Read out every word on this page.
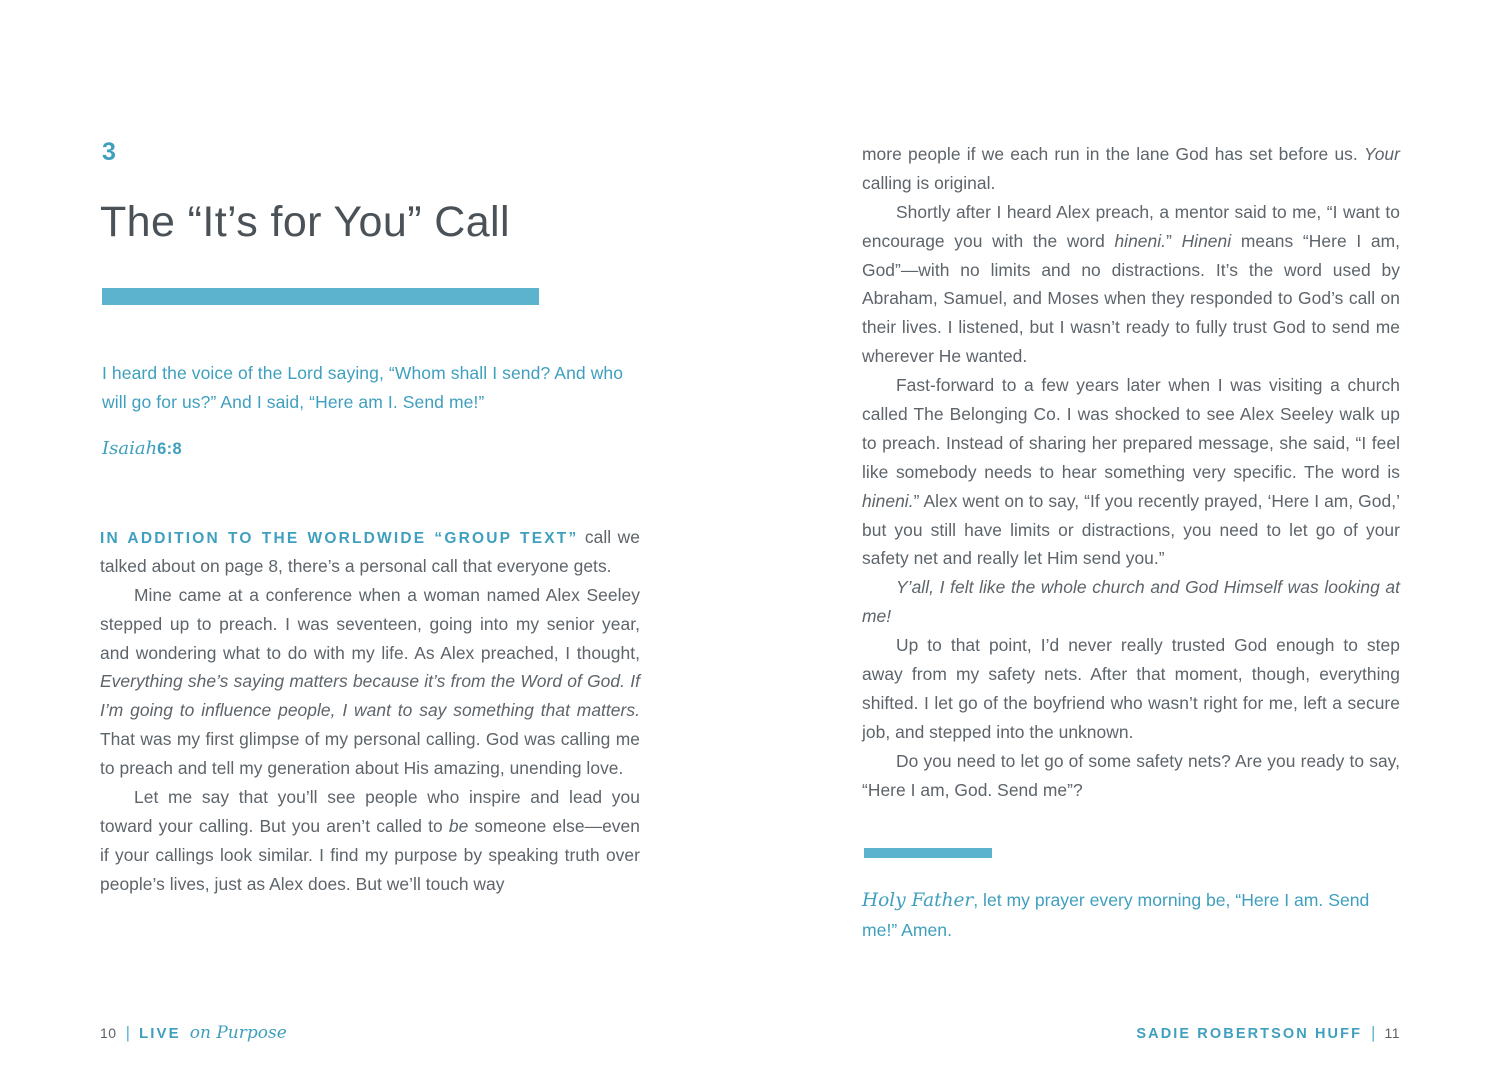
3
The “It’s for You” Call

I heard the voice of the Lord saying, “Whom shall I send? And who will go for us?” And I said, “Here am I. Send me!”

Isaiah6:8

IN ADDITION TO THE WORLDWIDE “GROUP TEXT” call we talked about on page 8, there’s a personal call that everyone gets.

Mine came at a conference when a woman named Alex Seeley stepped up to preach. I was seventeen, going into my senior year, and wondering what to do with my life. As Alex preached, I thought, Everything she’s saying matters because it’s from the Word of God. If I’m going to influence people, I want to say something that matters. That was my first glimpse of my personal calling. God was calling me to preach and tell my generation about His amazing, unending love.

Let me say that you’ll see people who inspire and lead you toward your calling. But you aren’t called to be someone else—even if your callings look similar. I find my purpose by speaking truth over people’s lives, just as Alex does. But we’ll touch way

10 | LIVE on Purpose

more people if we each run in the lane God has set before us. Your calling is original.

Shortly after I heard Alex preach, a mentor said to me, “I want to encourage you with the word hineni.” Hineni means “Here I am, God”—with no limits and no distractions. It’s the word used by Abraham, Samuel, and Moses when they responded to God’s call on their lives. I listened, but I wasn’t ready to fully trust God to send me wherever He wanted.

Fast-forward to a few years later when I was visiting a church called The Belonging Co. I was shocked to see Alex Seeley walk up to preach. Instead of sharing her prepared message, she said, “I feel like somebody needs to hear something very specific. The word is hineni.” Alex went on to say, “If you recently prayed, ‘Here I am, God,’ but you still have limits or distractions, you need to let go of your safety net and really let Him send you.”

Y’all, I felt like the whole church and God Himself was looking at me!

Up to that point, I’d never really trusted God enough to step away from my safety nets. After that moment, though, everything shifted. I let go of the boyfriend who wasn’t right for me, left a secure job, and stepped into the unknown.

Do you need to let go of some safety nets? Are you ready to say, “Here I am, God. Send me”?

Holy Father, let my prayer every morning be, “Here I am. Send me!” Amen.

SADIE ROBERTSON HUFF | 11
